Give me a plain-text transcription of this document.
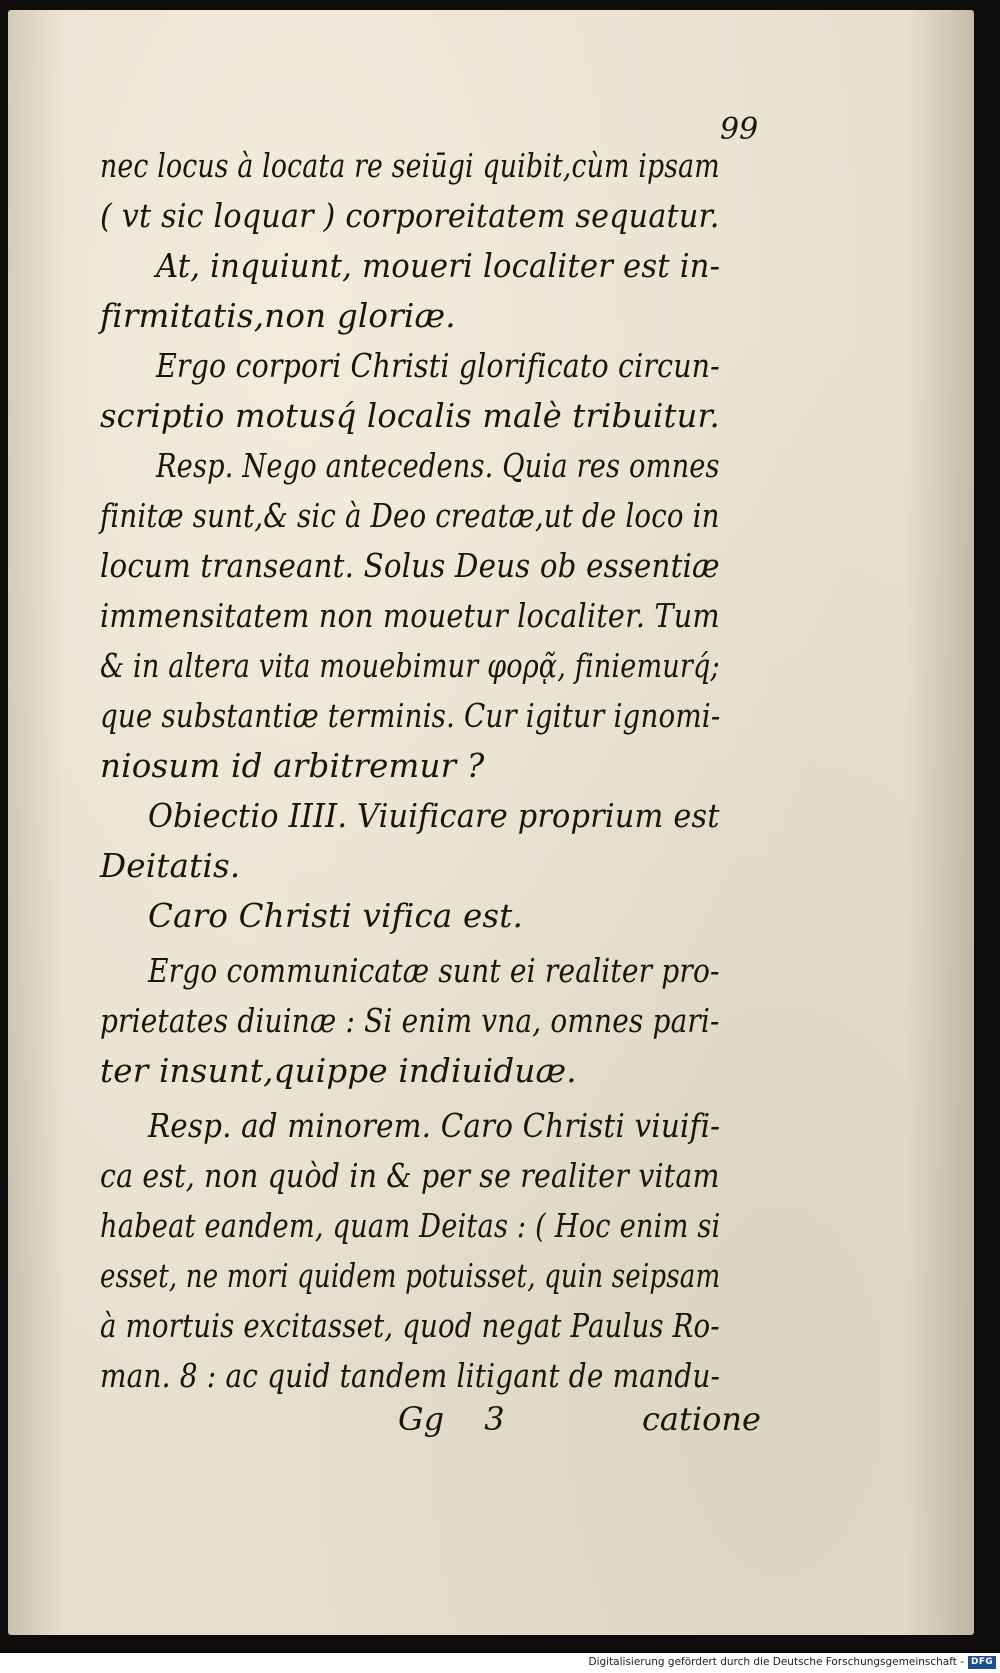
99
nec locus à locata re seiūgi quibit,cùm ipsam
( vt sic loquar ) corporeitatem sequatur.
At, inquiunt, moueri localiter est in-
firmitatis,non gloriæ.
Ergo corpori Christi glorificato circun-
scriptio motusq́ localis malè tribuitur.
Resp. Nego antecedens. Quia res omnes
finitæ sunt,& sic à Deo creatæ,ut de loco in
locum transeant. Solus Deus ob essentiæ
immensitatem non mouetur localiter. Tum
& in altera vita mouebimur φορᾷ, finiemurq́;
que substantiæ terminis. Cur igitur ignomi-
niosum id arbitremur ?
Obiectio IIII. Viuificare proprium est
Deitatis.
Caro Christi vifica est.
Ergo communicatæ sunt ei realiter pro-
prietates diuinæ : Si enim vna, omnes pari-
ter insunt,quippe indiuiduæ.
Resp. ad minorem. Caro Christi viuifi-
ca est, non quòd in & per se realiter vitam
habeat eandem, quam Deitas : ( Hoc enim si
esset, ne mori quidem potuisset, quin seipsam
à mortuis excitasset, quod negat Paulus Ro-
man. 8 : ac quid tandem litigant de mandu-
Gg 3	catione
Digitalisierung gefördert durch die Deutsche Forschungsgemeinschaft - DFG
